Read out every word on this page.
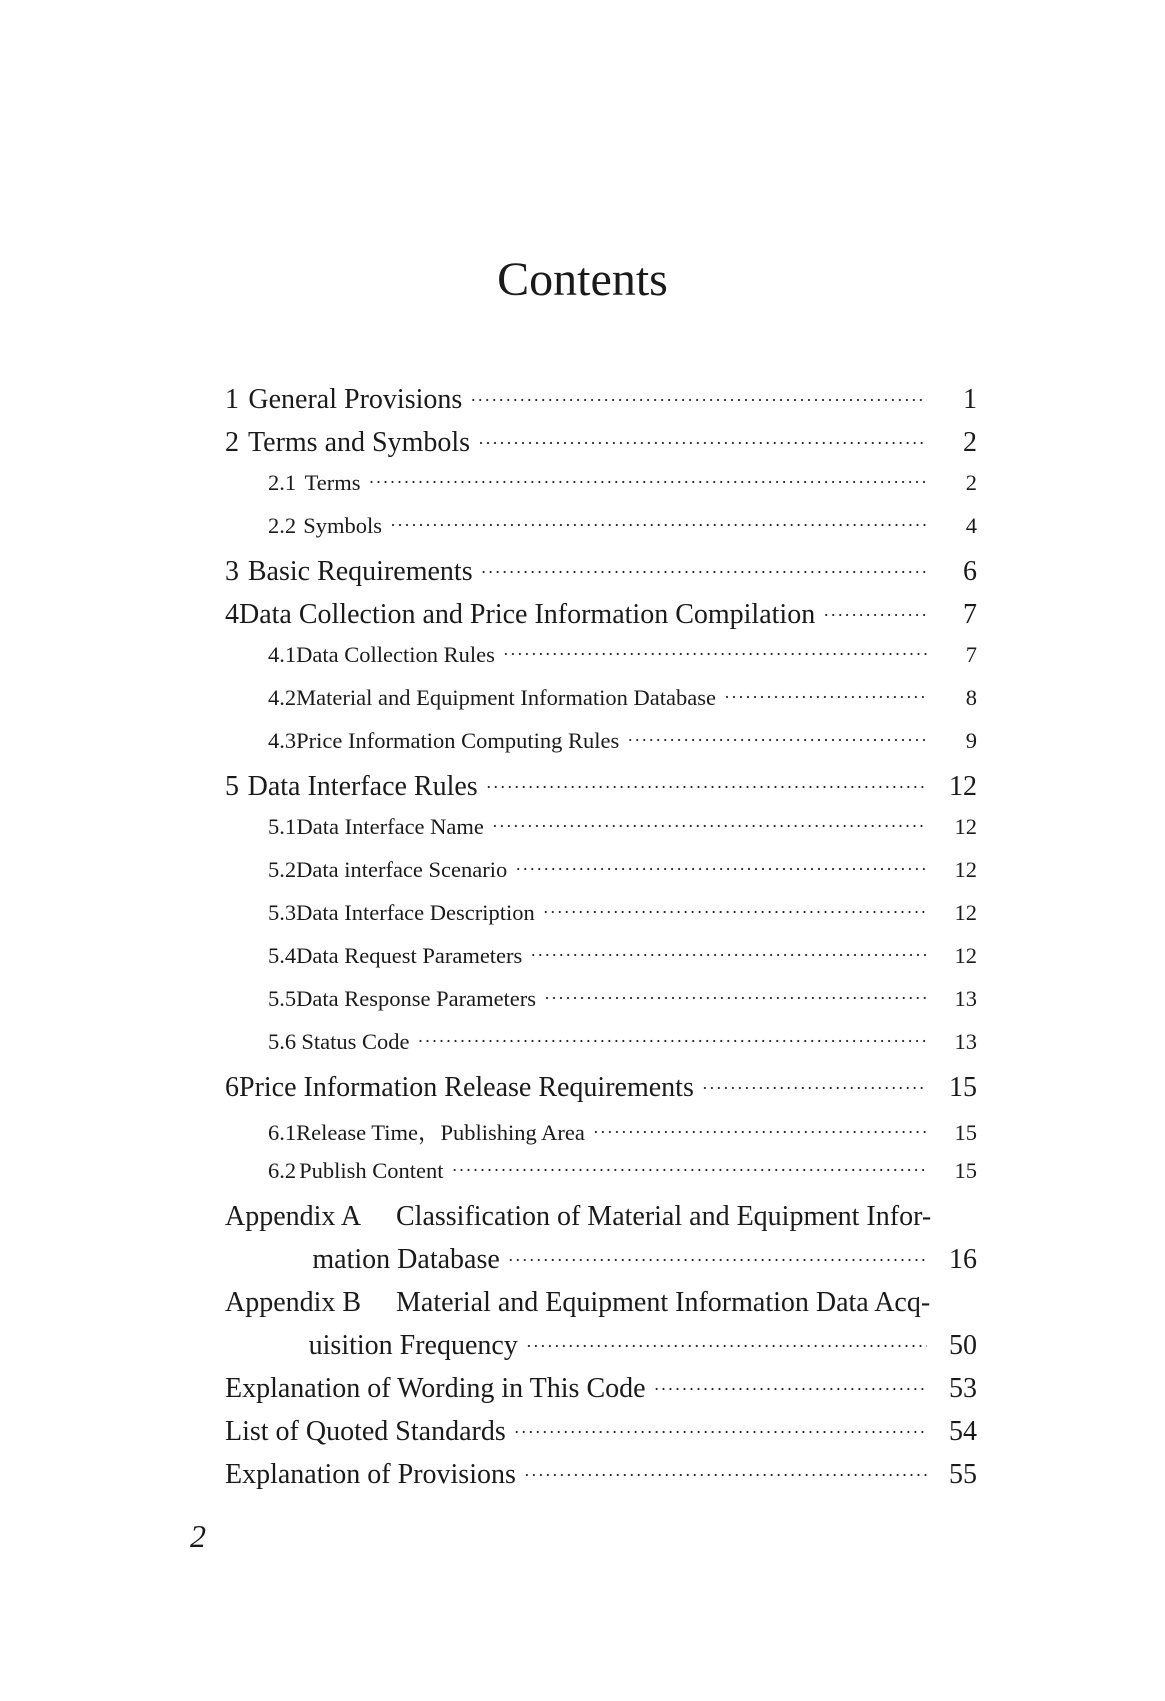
Contents
1 General Provisions ·····	1
2 Terms and Symbols ·····	2
2.1 Terms ·····	2
2.2 Symbols ·····	4
3 Basic Requirements ·····	6
4 Data Collection and Price Information Compilation ·····	7
4.1 Data Collection Rules ·····	7
4.2 Material and Equipment Information Database ·····	8
4.3 Price Information Computing Rules ·····	9
5 Data Interface Rules ·····	12
5.1 Data Interface Name ·····	12
5.2 Data interface Scenario ·····	12
5.3 Data Interface Description ·····	12
5.4 Data Request Parameters ·····	12
5.5 Data Response Parameters ·····	13
5.6 Status Code ·····	13
6 Price Information Release Requirements ·····	15
6.1 Release Time，Publishing Area ·····	15
6.2 Publish Content ·····	15
Appendix A	Classification of Material and Equipment Infor-
mation Database ·····	16
Appendix B	Material and Equipment Information Data Acq-
uisition Frequency ·····	50
Explanation of Wording in This Code ·····	53
List of Quoted Standards ·····	54
Explanation of Provisions ·····	55
2
